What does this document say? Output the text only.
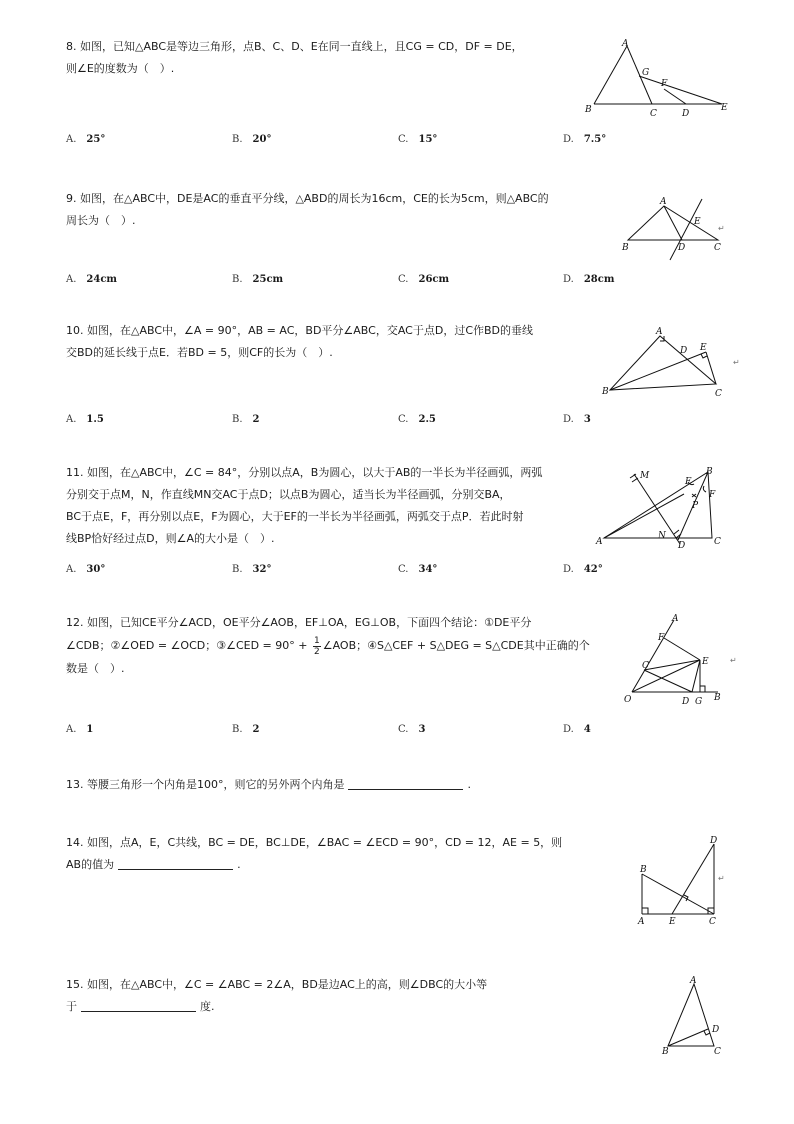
8. 如图，已知△ABC是等边三角形，点B、C、D、E在同一直线上，且CG = CD，DF = DE，
则∠E的度数为（　）.
A
B	C	D
E
G
F
A. 25°	B. 20°	C. 15°	D. 7.5°
9. 如图，在△ABC中，DE是AC的垂直平分线，△ABD的周长为16cm，CE的长为5cm，则△ABC的
周长为（　）.
A
B	D	C
E
↵
A. 24cm	B. 25cm	C. 26cm	D. 28cm
10. 如图，在△ABC中，∠A = 90°，AB = AC，BD平分∠ABC，交AC于点D，过C作BD的垂线
交BD的延长线于点E．若BD = 5，则CF的长为（　）.
A
B	C
D E
↵
A. 1.5	B. 2	C. 2.5	D. 3
11. 如图，在△ABC中，∠C = 84°，分别以点A，B为圆心，以大于AB的一半长为半径画弧，两弧
分别交于点M，N，作直线MN交AC于点D；以点B为圆心，适当长为半径画弧，分别交BA，
BC于点E，F，再分别以点E，F为圆心，大于EF的一半长为半径画弧，两弧交于点P．若此时射
线BP恰好经过点D，则∠A的大小是（　）.
M
A
B
C
D
E
F
P
N
A. 30°	B. 32°	C. 34°	D. 42°
12. 如图，已知CE平分∠ACD，OE平分∠AOB，EF⊥OA，EG⊥OB，下面四个结论：①DE平分
∠CDB；②∠OED = ∠OCD；③∠CED = $90^\circ + \frac{1}{2}$ ∠AOB；④S△CEF + S△DEG = S△CDE其中正确的个
数是（　）.
A
F
C	E
O	D G B
↵
A. 1	B. 2	C. 3	D. 4
13. 等腰三角形一个内角是100°，则它的另外两个内角是	.
14. 如图，点A，E，C共线，BC = DE，BC⊥DE，∠BAC = ∠ECD = 90°，CD = 12，AE = 5，则
AB的值为	.
D
B
A	E	C
↵
15. 如图，在△ABC中，∠C = ∠ABC = 2∠A，BD是边AC上的高，则∠DBC的大小等
于	度.
A
D
B	C
